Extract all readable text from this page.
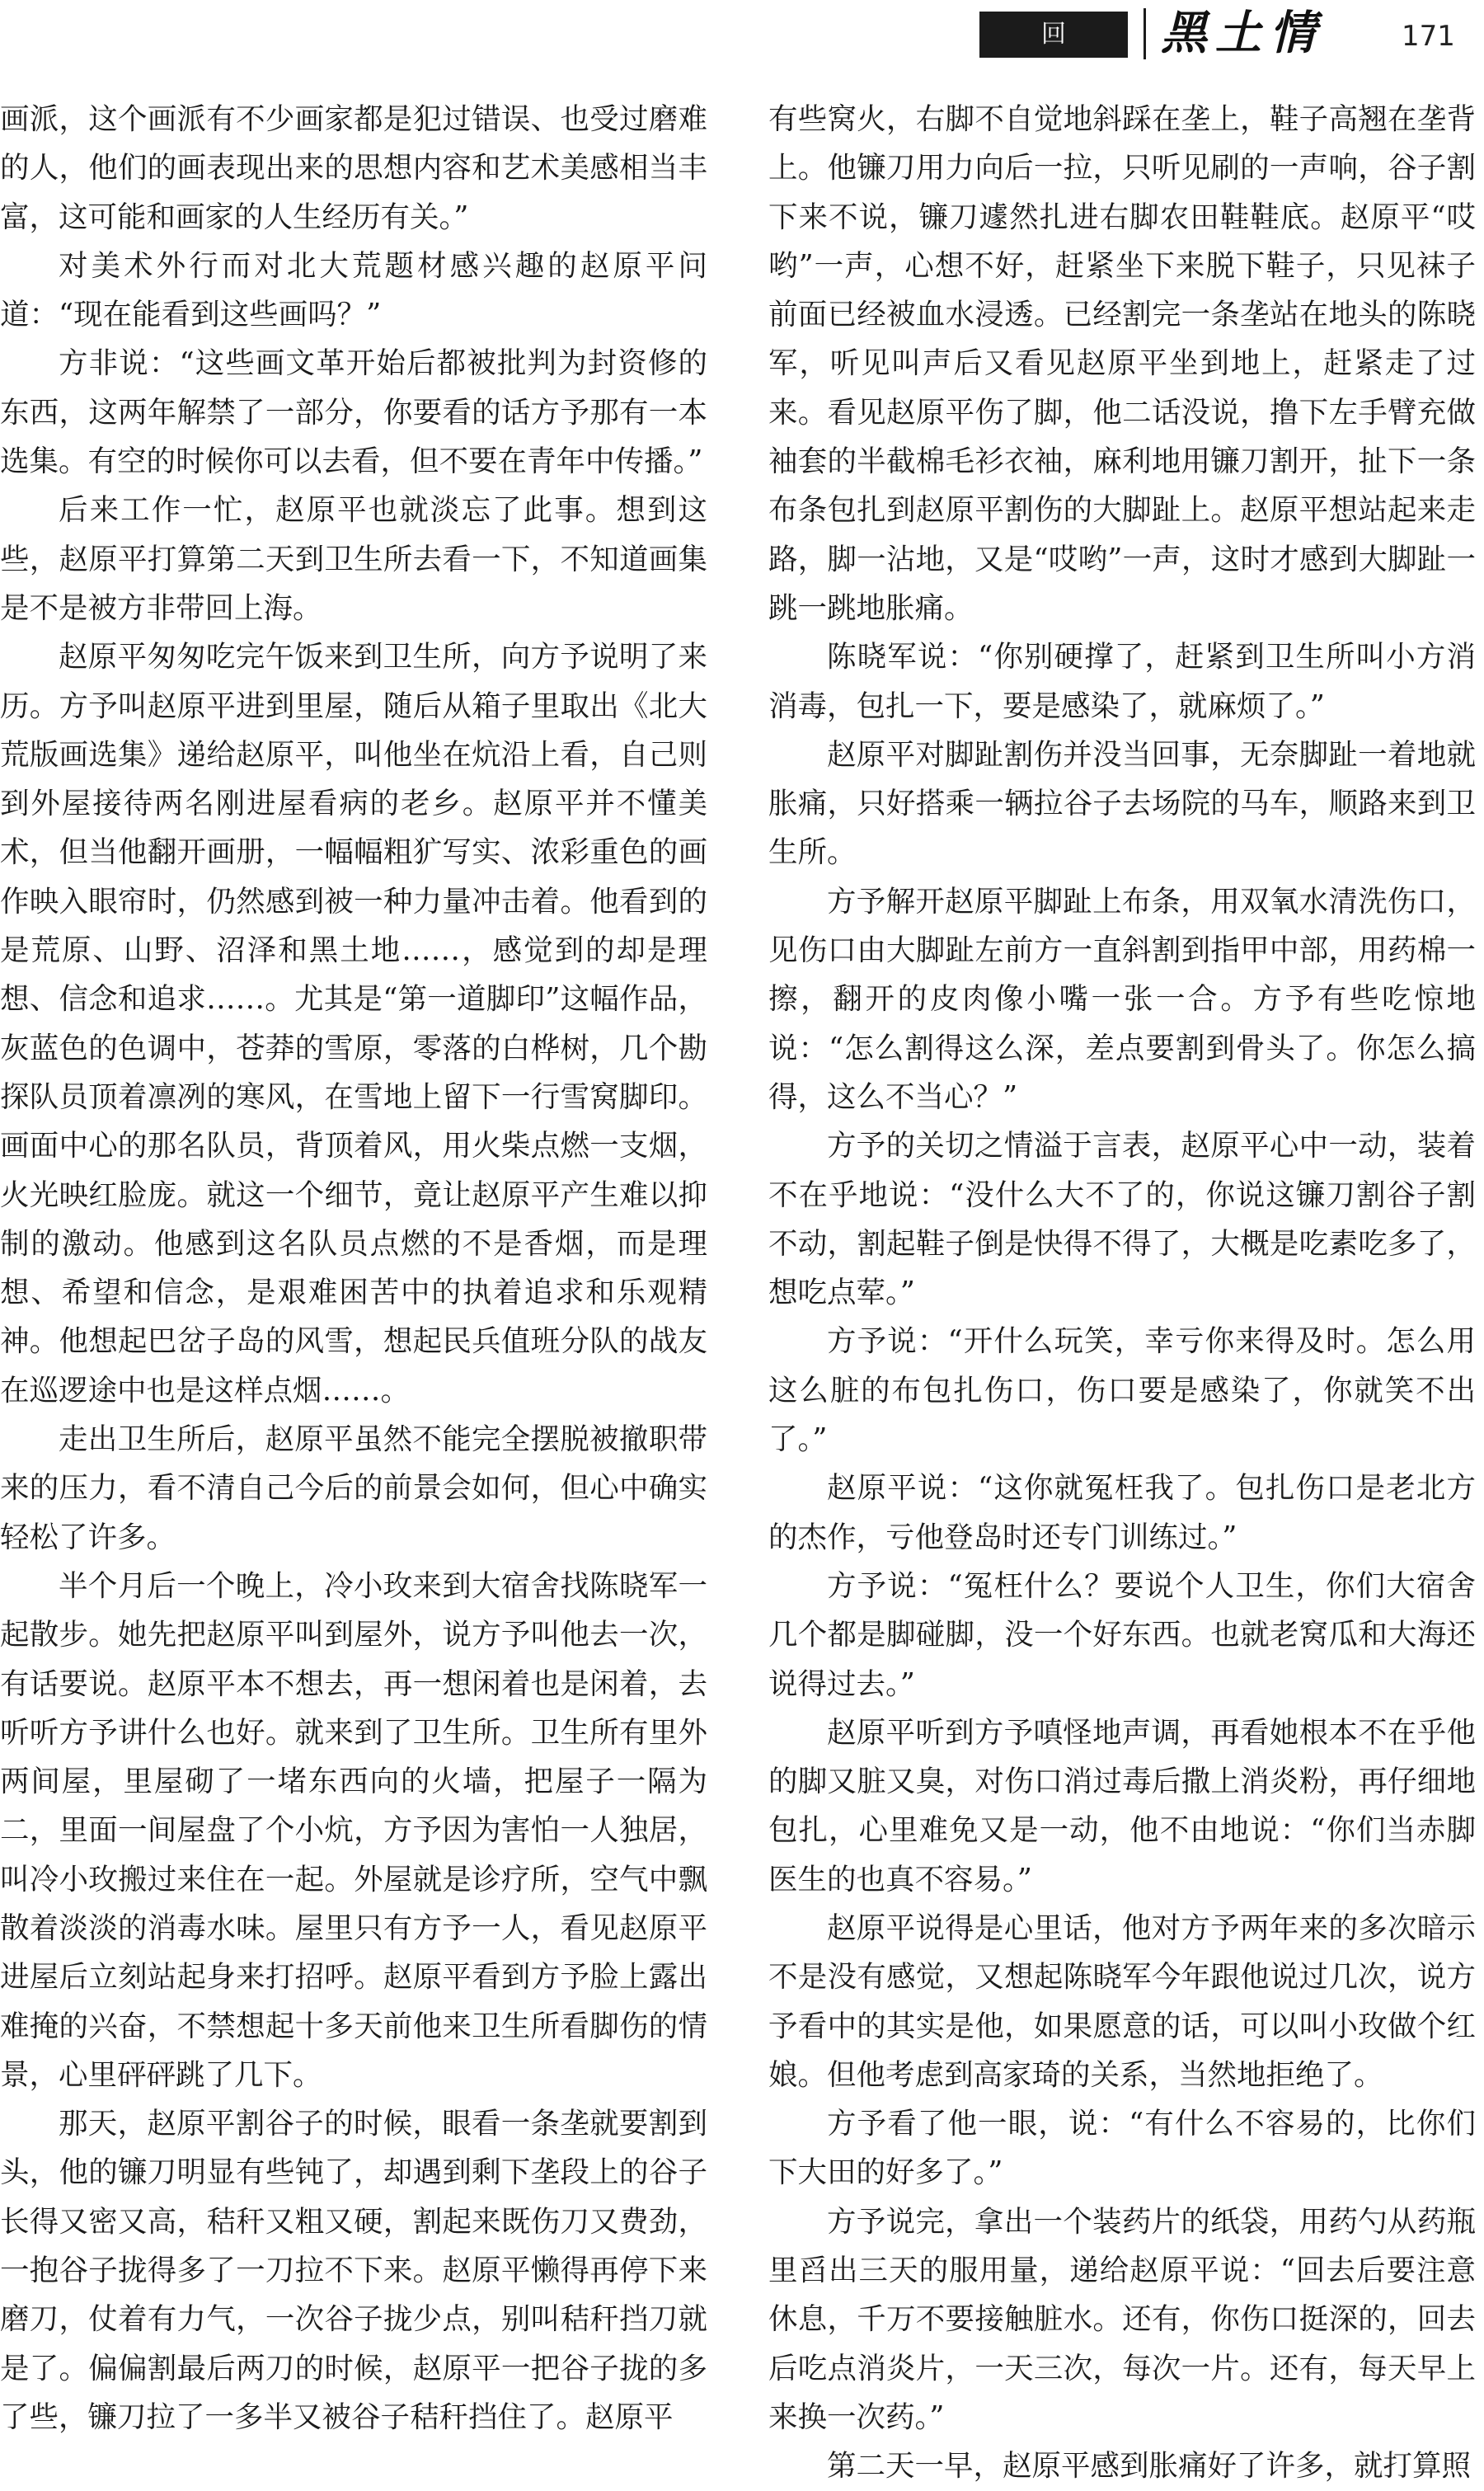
回 家
黑土情	171

画派，这个画派有不少画家都是犯过错误、也受过磨难的人，他们的画表现出来的思想内容和艺术美感相当丰富，这可能和画家的人生经历有关。”

对美术外行而对北大荒题材感兴趣的赵原平问道：“现在能看到这些画吗？”

方非说：“这些画文革开始后都被批判为封资修的东西，这两年解禁了一部分，你要看的话方予那有一本选集。有空的时候你可以去看，但不要在青年中传播。”

后来工作一忙，赵原平也就淡忘了此事。想到这些，赵原平打算第二天到卫生所去看一下，不知道画集是不是被方非带回上海。

赵原平匆匆吃完午饭来到卫生所，向方予说明了来历。方予叫赵原平进到里屋，随后从箱子里取出《北大荒版画选集》递给赵原平，叫他坐在炕沿上看，自己则到外屋接待两名刚进屋看病的老乡。赵原平并不懂美术，但当他翻开画册，一幅幅粗犷写实、浓彩重色的画作映入眼帘时，仍然感到被一种力量冲击着。他看到的是荒原、山野、沼泽和黑土地……，感觉到的却是理想、信念和追求……。尤其是“第一道脚印”这幅作品，灰蓝色的色调中，苍莽的雪原，零落的白桦树，几个勘探队员顶着凛冽的寒风，在雪地上留下一行雪窝脚印。画面中心的那名队员，背顶着风，用火柴点燃一支烟，火光映红脸庞。就这一个细节，竟让赵原平产生难以抑制的激动。他感到这名队员点燃的不是香烟，而是理想、希望和信念，是艰难困苦中的执着追求和乐观精神。他想起巴岔子岛的风雪，想起民兵值班分队的战友在巡逻途中也是这样点烟……。

走出卫生所后，赵原平虽然不能完全摆脱被撤职带来的压力，看不清自己今后的前景会如何，但心中确实轻松了许多。

半个月后一个晚上，冷小玫来到大宿舍找陈晓军一起散步。她先把赵原平叫到屋外，说方予叫他去一次，有话要说。赵原平本不想去，再一想闲着也是闲着，去听听方予讲什么也好。就来到了卫生所。卫生所有里外两间屋，里屋砌了一堵东西向的火墙，把屋子一隔为二，里面一间屋盘了个小炕，方予因为害怕一人独居，叫冷小玫搬过来住在一起。外屋就是诊疗所，空气中飘散着淡淡的消毒水味。屋里只有方予一人，看见赵原平进屋后立刻站起身来打招呼。赵原平看到方予脸上露出难掩的兴奋，不禁想起十多天前他来卫生所看脚伤的情景，心里砰砰跳了几下。

那天，赵原平割谷子的时候，眼看一条垄就要割到头，他的镰刀明显有些钝了，却遇到剩下垄段上的谷子长得又密又高，秸秆又粗又硬，割起来既伤刀又费劲，一抱谷子拢得多了一刀拉不下来。赵原平懒得再停下来磨刀，仗着有力气，一次谷子拢少点，别叫秸秆挡刀就是了。偏偏割最后两刀的时候，赵原平一把谷子拢的多了些，镰刀拉了一多半又被谷子秸秆挡住了。赵原平

有些窝火，右脚不自觉地斜踩在垄上，鞋子高翘在垄背上。他镰刀用力向后一拉，只听见刷的一声响，谷子割下来不说，镰刀遽然扎进右脚农田鞋鞋底。赵原平“哎哟”一声，心想不好，赶紧坐下来脱下鞋子，只见袜子前面已经被血水浸透。已经割完一条垄站在地头的陈晓军，听见叫声后又看见赵原平坐到地上，赶紧走了过来。看见赵原平伤了脚，他二话没说，撸下左手臂充做袖套的半截棉毛衫衣袖，麻利地用镰刀割开，扯下一条布条包扎到赵原平割伤的大脚趾上。赵原平想站起来走路，脚一沾地，又是“哎哟”一声，这时才感到大脚趾一跳一跳地胀痛。

陈晓军说：“你别硬撑了，赶紧到卫生所叫小方消消毒，包扎一下，要是感染了，就麻烦了。”

赵原平对脚趾割伤并没当回事，无奈脚趾一着地就胀痛，只好搭乘一辆拉谷子去场院的马车，顺路来到卫生所。

方予解开赵原平脚趾上布条，用双氧水清洗伤口，见伤口由大脚趾左前方一直斜割到指甲中部，用药棉一擦，翻开的皮肉像小嘴一张一合。方予有些吃惊地说：“怎么割得这么深，差点要割到骨头了。你怎么搞得，这么不当心？”

方予的关切之情溢于言表，赵原平心中一动，装着不在乎地说：“没什么大不了的，你说这镰刀割谷子割不动，割起鞋子倒是快得不得了，大概是吃素吃多了，想吃点荤。”

方予说：“开什么玩笑，幸亏你来得及时。怎么用这么脏的布包扎伤口，伤口要是感染了，你就笑不出了。”

赵原平说：“这你就冤枉我了。包扎伤口是老北方的杰作，亏他登岛时还专门训练过。”

方予说：“冤枉什么？要说个人卫生，你们大宿舍几个都是脚碰脚，没一个好东西。也就老窝瓜和大海还说得过去。”

赵原平听到方予嗔怪地声调，再看她根本不在乎他的脚又脏又臭，对伤口消过毒后撒上消炎粉，再仔细地包扎，心里难免又是一动，他不由地说：“你们当赤脚医生的也真不容易。”

赵原平说得是心里话，他对方予两年来的多次暗示不是没有感觉，又想起陈晓军今年跟他说过几次，说方予看中的其实是他，如果愿意的话，可以叫小玫做个红娘。但他考虑到高家琦的关系，当然地拒绝了。

方予看了他一眼，说：“有什么不容易的，比你们下大田的好多了。”

方予说完，拿出一个装药片的纸袋，用药勺从药瓶里舀出三天的服用量，递给赵原平说：“回去后要注意休息，千万不要接触脏水。还有，你伤口挺深的，回去后吃点消炎片，一天三次，每次一片。还有，每天早上来换一次药。”

第二天一早，赵原平感到胀痛好了许多，就打算照
